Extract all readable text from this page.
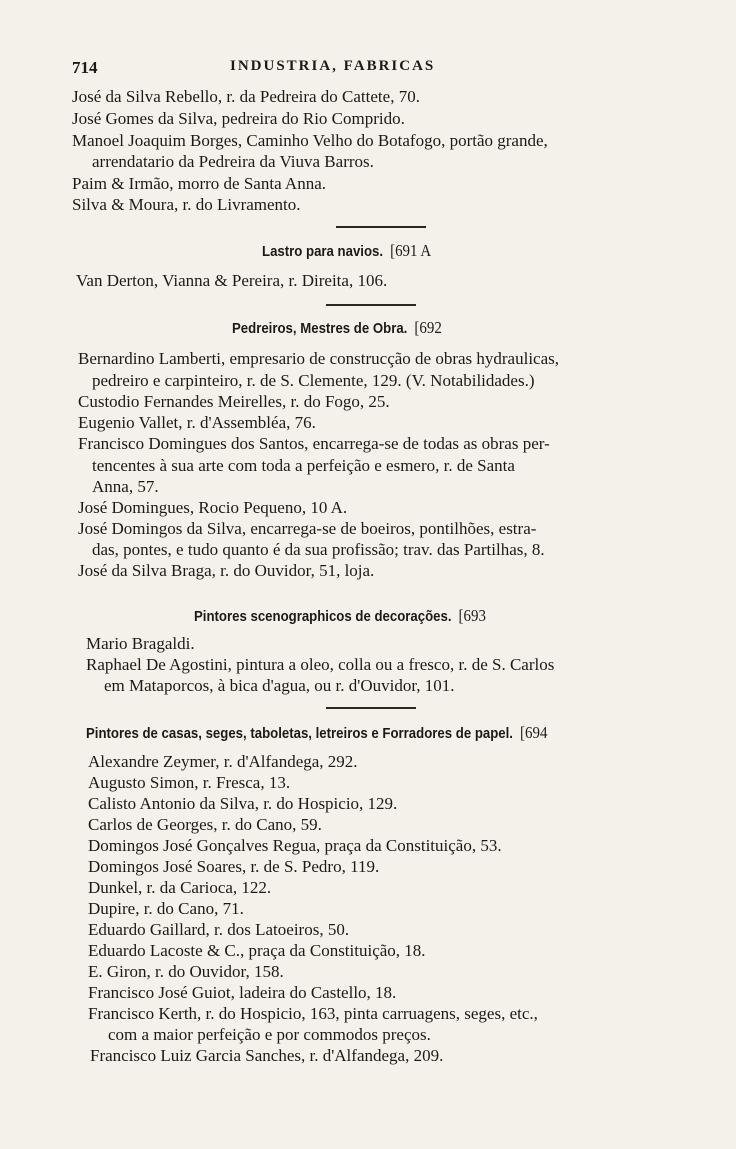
714	INDUSTRIA, FABRICAS
José da Silva Rebello, r. da Pedreira do Cattete, 70.
José Gomes da Silva, pedreira do Rio Comprido.
Manoel Joaquim Borges, Caminho Velho do Botafogo, portão grande,
arrendatario da Pedreira da Viuva Barros.
Paim & Irmão, morro de Santa Anna.
Silva & Moura, r. do Livramento.
Lastro para navios. [691 A
Van Derton, Vianna & Pereira, r. Direita, 106.
Pedreiros, Mestres de Obra. [692
Bernardino Lamberti, empresario de construcção de obras hydraulicas,
pedreiro e carpinteiro, r. de S. Clemente, 129. (V. Notabilidades.)
Custodio Fernandes Meirelles, r. do Fogo, 25.
Eugenio Vallet, r. d'Assembléa, 76.
Francisco Domingues dos Santos, encarrega-se de todas as obras per-
tencentes à sua arte com toda a perfeição e esmero, r. de Santa
Anna, 57.
José Domingues, Rocio Pequeno, 10 A.
José Domingos da Silva, encarrega-se de boeiros, pontilhões, estra-
das, pontes, e tudo quanto é da sua profissão; trav. das Partilhas, 8.
José da Silva Braga, r. do Ouvidor, 51, loja.
Pintores scenographicos de decorações. [693
Mario Bragaldi.
Raphael De Agostini, pintura a oleo, colla ou a fresco, r. de S. Carlos
em Mataporcos, à bica d'agua, ou r. d'Ouvidor, 101.
Pintores de casas, seges, taboletas, letreiros e Forradores de papel. [694
Alexandre Zeymer, r. d'Alfandega, 292.
Augusto Simon, r. Fresca, 13.
Calisto Antonio da Silva, r. do Hospicio, 129.
Carlos de Georges, r. do Cano, 59.
Domingos José Gonçalves Regua, praça da Constituição, 53.
Domingos José Soares, r. de S. Pedro, 119.
Dunkel, r. da Carioca, 122.
Dupire, r. do Cano, 71.
Eduardo Gaillard, r. dos Latoeiros, 50.
Eduardo Lacoste & C., praça da Constituição, 18.
E. Giron, r. do Ouvidor, 158.
Francisco José Guiot, ladeira do Castello, 18.
Francisco Kerth, r. do Hospicio, 163, pinta carruagens, seges, etc.,
com a maior perfeição e por commodos preços.
Francisco Luiz Garcia Sanches, r. d'Alfandega, 209.
